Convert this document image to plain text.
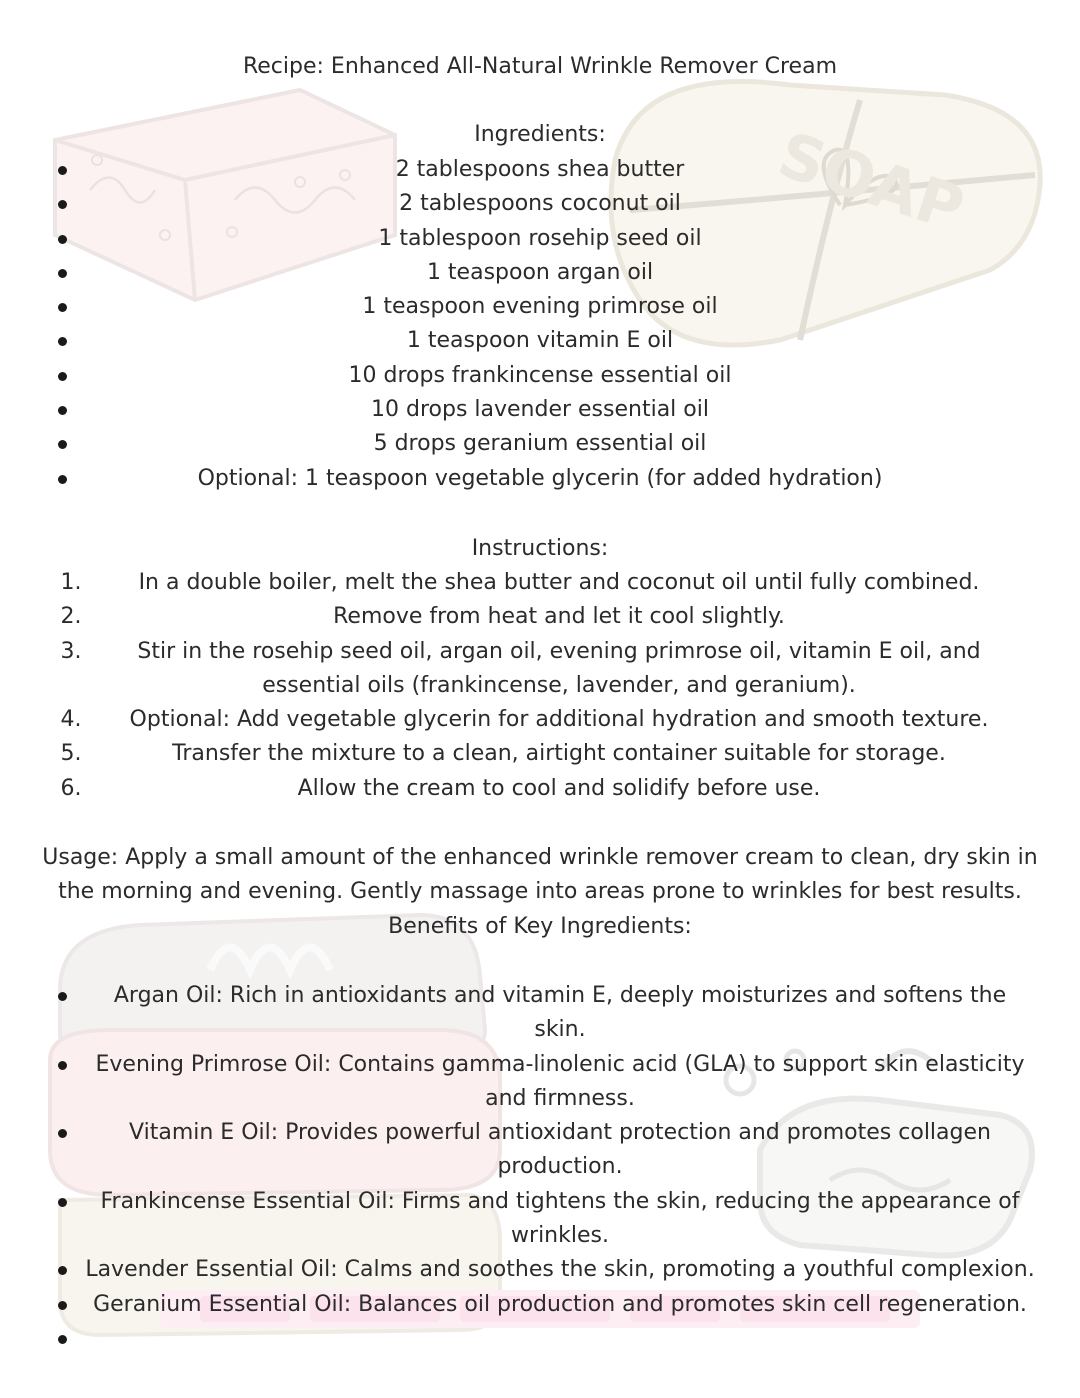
SOAP
Recipe: Enhanced All-Natural Wrinkle Remover Cream
Ingredients:
2 tablespoons shea butter
2 tablespoons coconut oil
1 tablespoon rosehip seed oil
1 teaspoon argan oil
1 teaspoon evening primrose oil
1 teaspoon vitamin E oil
10 drops frankincense essential oil
10 drops lavender essential oil
5 drops geranium essential oil
Optional: 1 teaspoon vegetable glycerin (for added hydration)
Instructions:
1.	In a double boiler, melt the shea butter and coconut oil until fully combined.
2.	Remove from heat and let it cool slightly.
3.	Stir in the rosehip seed oil, argan oil, evening primrose oil, vitamin E oil, and essential oils (frankincense, lavender, and geranium).
4. Optional: Add vegetable glycerin for additional hydration and smooth texture.
5.	Transfer the mixture to a clean, airtight container suitable for storage.
6.	Allow the cream to cool and solidify before use.
Usage: Apply a small amount of the enhanced wrinkle remover cream to clean, dry skin in the morning and evening. Gently massage into areas prone to wrinkles for best results.
Benefits of Key Ingredients:
Argan Oil: Rich in antioxidants and vitamin E, deeply moisturizes and softens the skin.
Evening Primrose Oil: Contains gamma-linolenic acid (GLA) to support skin elasticity and firmness.
Vitamin E Oil: Provides powerful antioxidant protection and promotes collagen production.
Frankincense Essential Oil: Firms and tightens the skin, reducing the appearance of wrinkles.
Lavender Essential Oil: Calms and soothes the skin, promoting a youthful complexion.
Geranium Essential Oil: Balances oil production and promotes skin cell regeneration.
